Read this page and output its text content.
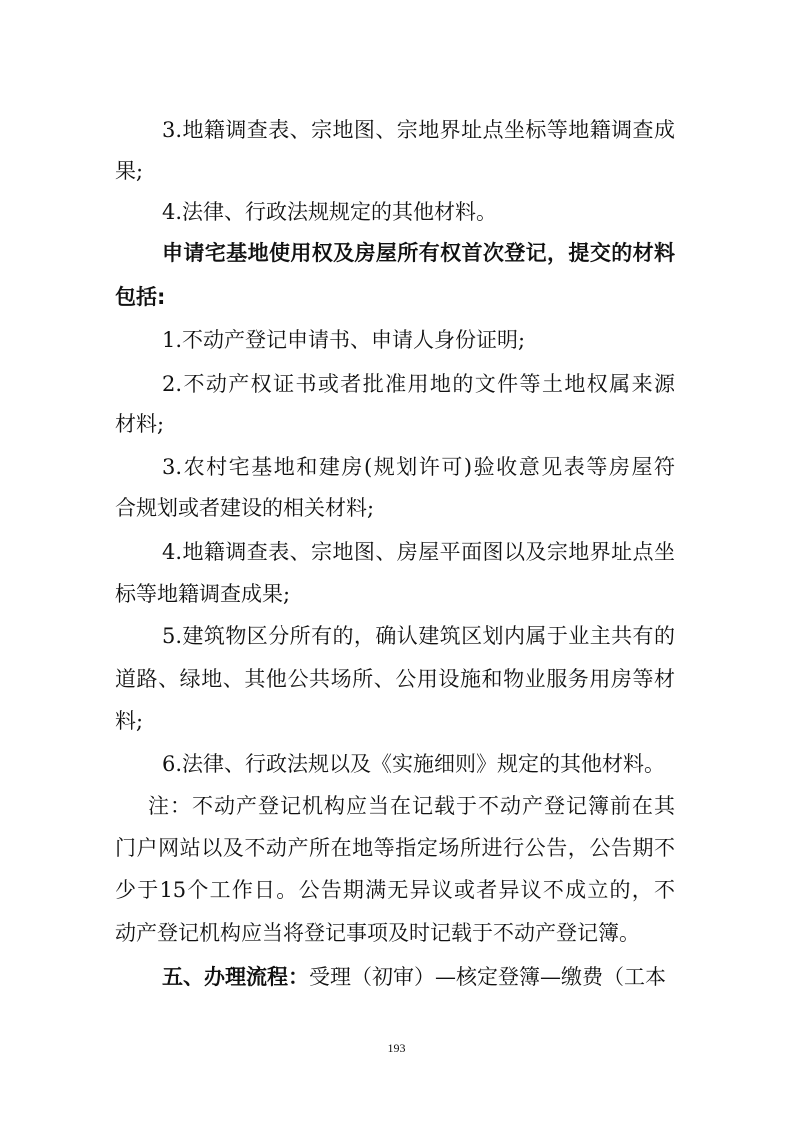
3.地籍调查表、宗地图、宗地界址点坐标等地籍调查成
果;
4.法律、行政法规规定的其他材料。
申请宅基地使用权及房屋所有权首次登记，提交的材料
包括:
1.不动产登记申请书、申请人身份证明;
2.不动产权证书或者批准用地的文件等土地权属来源
材料;
3.农村宅基地和建房(规划许可)验收意见表等房屋符
合规划或者建设的相关材料;
4.地籍调查表、宗地图、房屋平面图以及宗地界址点坐
标等地籍调查成果;
5.建筑物区分所有的，确认建筑区划内属于业主共有的
道路、绿地、其他公共场所、公用设施和物业服务用房等材
料;
6.法律、行政法规以及《实施细则》规定的其他材料。
注：不动产登记机构应当在记载于不动产登记簿前在其
门户网站以及不动产所在地等指定场所进行公告，公告期不
少于15个工作日。公告期满无异议或者异议不成立的，不
动产登记机构应当将登记事项及时记载于不动产登记簿。
五、办理流程：受理（初审）—核定登簿—缴费（工本
193
